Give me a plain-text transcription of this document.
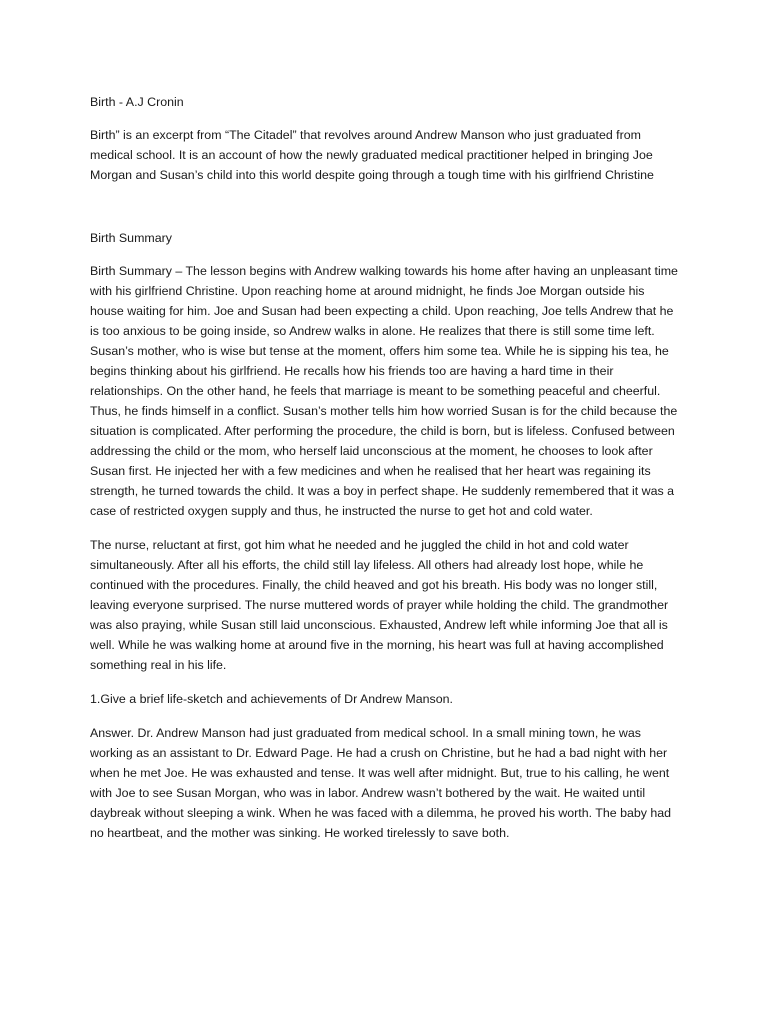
Birth - A.J Cronin

Birth” is an excerpt from “The Citadel” that revolves around Andrew Manson who just graduated from medical school. It is an account of how the newly graduated medical practitioner helped in bringing Joe Morgan and Susan’s child into this world despite going through a tough time with his girlfriend Christine

Birth Summary

Birth Summary – The lesson begins with Andrew walking towards his home after having an unpleasant time with his girlfriend Christine. Upon reaching home at around midnight, he finds Joe Morgan outside his house waiting for him. Joe and Susan had been expecting a child. Upon reaching, Joe tells Andrew that he is too anxious to be going inside, so Andrew walks in alone. He realizes that there is still some time left. Susan’s mother, who is wise but tense at the moment, offers him some tea. While he is sipping his tea, he begins thinking about his girlfriend. He recalls how his friends too are having a hard time in their relationships. On the other hand, he feels that marriage is meant to be something peaceful and cheerful. Thus, he finds himself in a conflict. Susan’s mother tells him how worried Susan is for the child because the situation is complicated. After performing the procedure, the child is born, but is lifeless. Confused between addressing the child or the mom, who herself laid unconscious at the moment, he chooses to look after Susan first. He injected her with a few medicines and when he realised that her heart was regaining its strength, he turned towards the child. It was a boy in perfect shape. He suddenly remembered that it was a case of restricted oxygen supply and thus, he instructed the nurse to get hot and cold water.

The nurse, reluctant at first, got him what he needed and he juggled the child in hot and cold water simultaneously. After all his efforts, the child still lay lifeless. All others had already lost hope, while he continued with the procedures. Finally, the child heaved and got his breath. His body was no longer still, leaving everyone surprised. The nurse muttered words of prayer while holding the child. The grandmother was also praying, while Susan still laid unconscious. Exhausted, Andrew left while informing Joe that all is well. While he was walking home at around five in the morning, his heart was full at having accomplished something real in his life.

1.Give a brief life-sketch and achievements of Dr Andrew Manson.

Answer. Dr. Andrew Manson had just graduated from medical school. In a small mining town, he was working as an assistant to Dr. Edward Page. He had a crush on Christine, but he had a bad night with her when he met Joe. He was exhausted and tense. It was well after midnight. But, true to his calling, he went with Joe to see Susan Morgan, who was in labor. Andrew wasn’t bothered by the wait. He waited until daybreak without sleeping a wink. When he was faced with a dilemma, he proved his worth. The baby had no heartbeat, and the mother was sinking. He worked tirelessly to save both.
